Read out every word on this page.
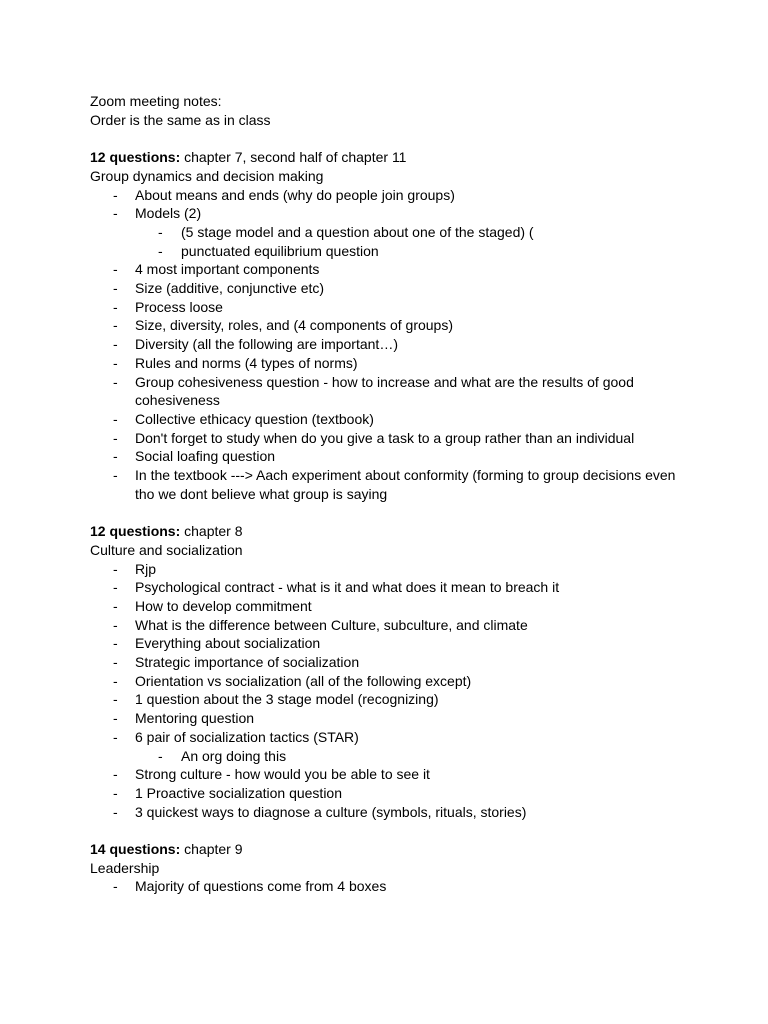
Zoom meeting notes:
Order is the same as in class
12 questions: chapter 7, second half of chapter 11
Group dynamics and decision making
- About means and ends (why do people join groups)
- Models (2)
- (5 stage model and a question about one of the staged) (
- punctuated equilibrium question
- 4 most important components
- Size (additive, conjunctive etc)
- Process loose
- Size, diversity, roles, and (4 components of groups)
- Diversity (all the following are important…)
- Rules and norms (4 types of norms)
- Group cohesiveness question - how to increase and what are the results of good cohesiveness
- Collective ethicacy question (textbook)
- Don't forget to study when do you give a task to a group rather than an individual
- Social loafing question
- In the textbook ---> Aach experiment about conformity (forming to group decisions even tho we dont believe what group is saying
12 questions: chapter 8
Culture and socialization
- Rjp
- Psychological contract - what is it and what does it mean to breach it
- How to develop commitment
- What is the difference between Culture, subculture, and climate
- Everything about socialization
- Strategic importance of socialization
- Orientation vs socialization (all of the following except)
- 1 question about the 3 stage model (recognizing)
- Mentoring question
- 6 pair of socialization tactics (STAR)
- An org doing this
- Strong culture - how would you be able to see it
- 1 Proactive socialization question
- 3 quickest ways to diagnose a culture (symbols, rituals, stories)
14 questions: chapter 9
Leadership
- Majority of questions come from 4 boxes
